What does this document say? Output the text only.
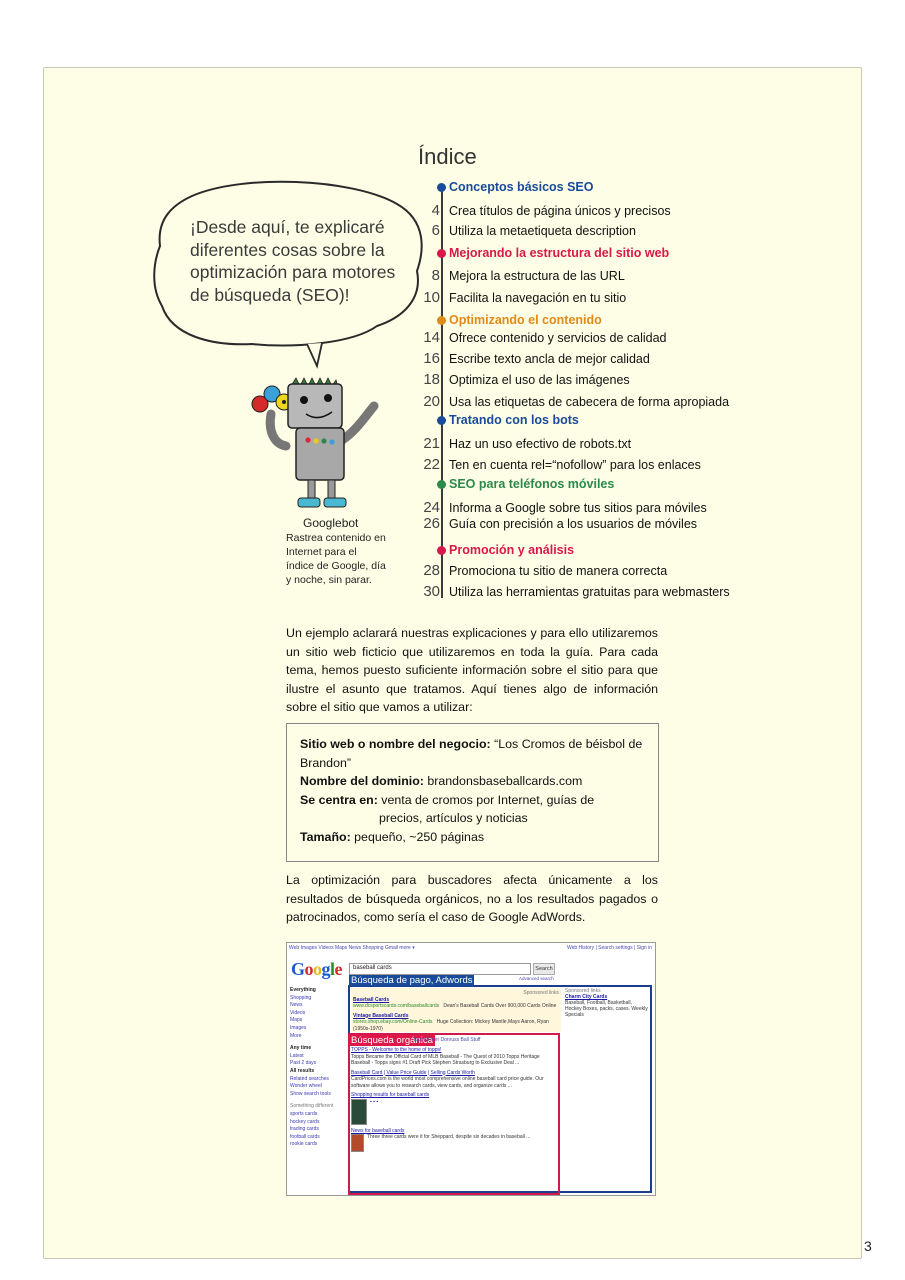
¡Desde aquí, te explicaré diferentes cosas sobre la optimización para motores de búsqueda (SEO)!
Googlebot
Rastrea contenido en Internet para el índice de Google, día y noche, sin parar.
Índice
Conceptos básicos SEO
4 Crea títulos de página únicos y precisos
6 Utiliza la metaetiqueta description
Mejorando la estructura del sitio web
8 Mejora la estructura de las URL
10 Facilita la navegación en tu sitio
Optimizando el contenido
14 Ofrece contenido y servicios de calidad
16 Escribe texto ancla de mejor calidad
18 Optimiza el uso de las imágenes
20 Usa las etiquetas de cabecera de forma apropiada
Tratando con los bots
21 Haz un uso efectivo de robots.txt
22 Ten en cuenta rel=“nofollow” para los enlaces
SEO para teléfonos móviles
24 Informa a Google sobre tus sitios para móviles
26 Guía con precisión a los usuarios de móviles
Promoción y análisis
28 Promociona tu sitio de manera correcta
30 Utiliza las herramientas gratuitas para webmasters
Un ejemplo aclarará nuestras explicaciones y para ello utilizaremos un sitio web ficticio que utilizaremos en toda la guía. Para cada tema, hemos puesto suficiente información sobre el sitio para que ilustre el asunto que tratamos. Aquí tienes algo de información sobre el sitio que vamos a utilizar:
Sitio web o nombre del negocio: “Los Cromos de béisbol de Brandon”
Nombre del dominio: brandonsbaseballcards.com
Se centra en: venta de cromos por Internet, guías de
precios, artículos y noticias
Tamaño: pequeño, ~250 páginas
La optimización para buscadores afecta únicamente a los resultados de búsqueda orgánicos, no a los resultados pagados o patrocinados, como sería el caso de Google AdWords.
Web Images Videos Maps News Shopping Gmail more ▾	Web History | Search settings | Sign in
Google	baseball cards	Search
Advanced search
Everything
Shopping
News
Videos
Maps
Images
More
Any time
Latest
Past 2 days
All results
Related searches
Wonder wheel
Show search tools
Something different
sports cards
hockey cards
trading cards
football cards
rookie cards
Sponsored links
Baseball Cards
www.dcsportscards.com/baseballcards Dean's Baseball Cards Over 900,000 Cards Online
Vintage Baseball Cards
stores.shop.ebay.com/Online-Cards Huge Collection: Mickey Mantle,Mays Aaron, Ryan (1950s-1970)
Sponsored links
Charm City Cards
Baseball, Football, Basketball, Hockey Boxes, packs, cases. Weekly Specials
Búsqueda de pago, Adwords
Búsqueda orgánica
Topps Fleer Donruss Ball Stuff
TOPPS - Welcome to the home of topps!
Topps Became the Official Card of MLB Baseball - The Quest of 2010 Topps Heritage Baseball - Topps signs #1 Draft Pick Stephen Strasburg to Exclusive Deal ...
Baseball Card | Value Price Guide | Selling Cards Worth
CardPrices.com is the world most comprehensive online baseball card price guide. Our software allows you to research cards, view cards, and organize cards ...
Shopping results for baseball cards
▪ ▪ ▪
News for baseball cards
Three three cards were it for Sheppard, despite six decades in baseball ...
3
